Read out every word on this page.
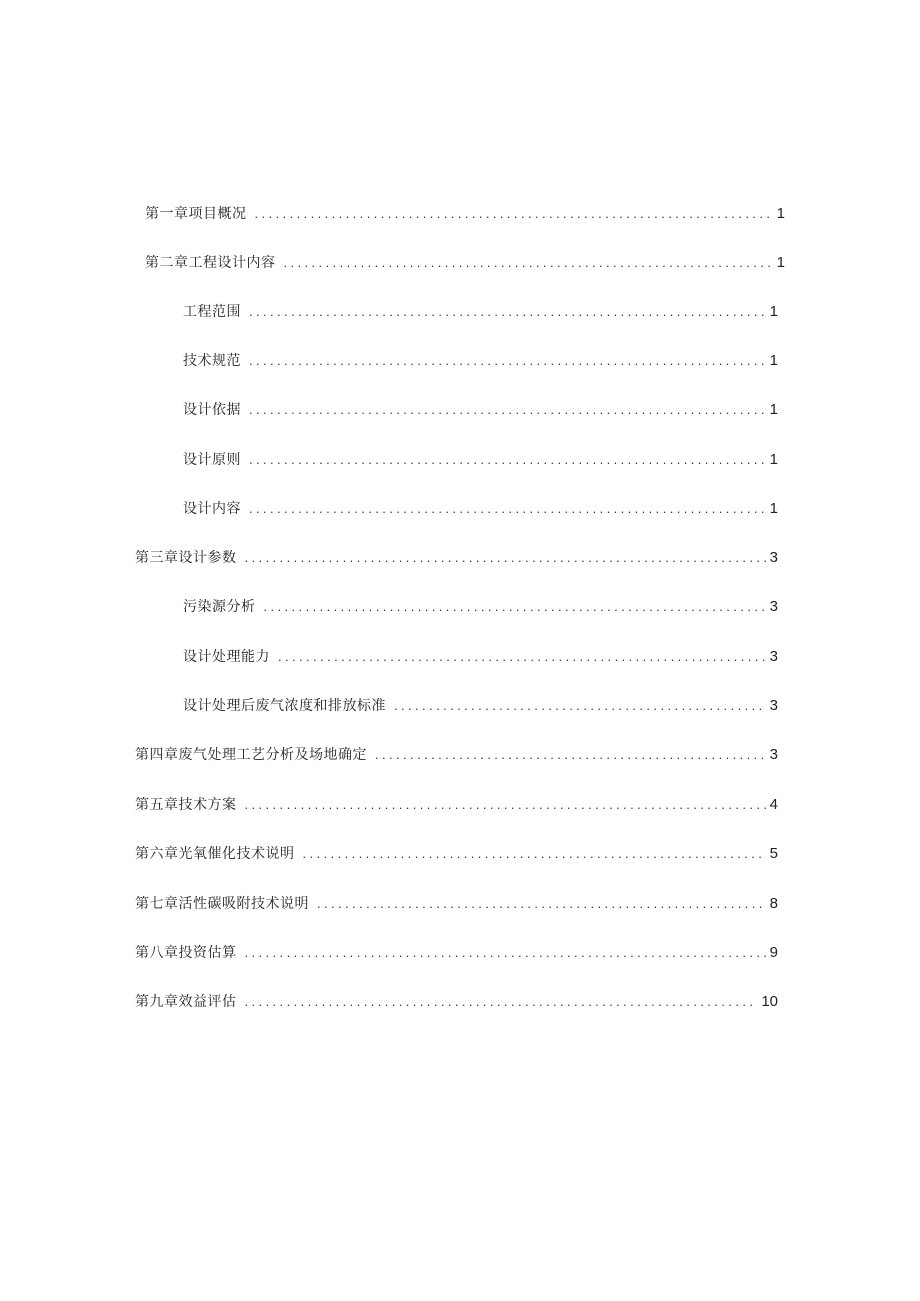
第一章项目概况 .....	1
第二章工程设计内容 .....	1
工程范围 .....	1
技术规范 .....	1
设计依据 .....	1
设计原则 .....	1
设计内容 .....	1
第三章设计参数 .....	3
污染源分析 .....	3
设计处理能力 .....	3
设计处理后废气浓度和排放标准 .....	3
第四章废气处理工艺分析及场地确定 .....	3
第五章技术方案 .....	4
第六章光氧催化技术说明 .....	5
第七章活性碳吸附技术说明 .....	8
第八章投资估算 .....	9
第九章效益评估 .....	10
